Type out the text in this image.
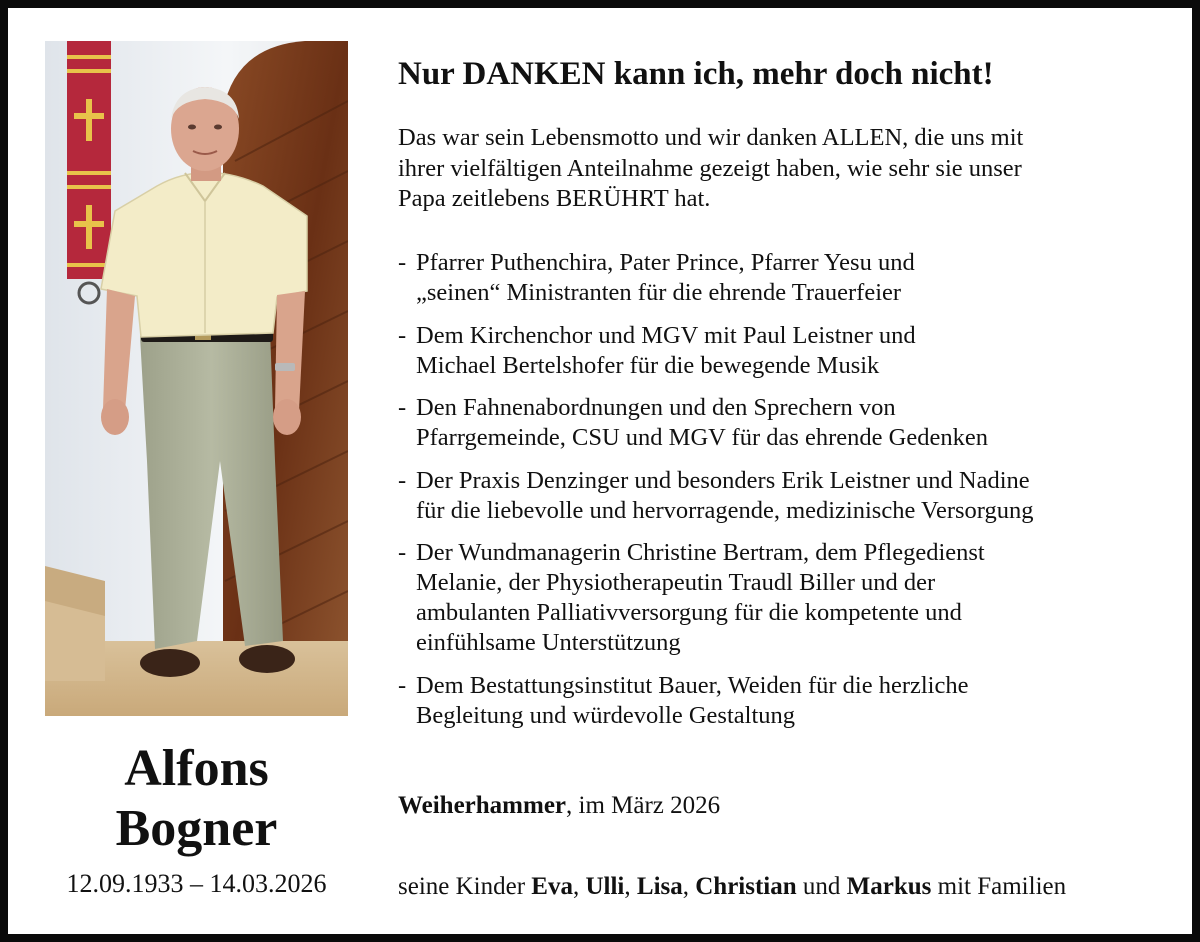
Alfons
Bogner
12.09.1933 – 14.03.2026
Nur DANKEN kann ich, mehr doch nicht!
Das war sein Lebensmotto und wir danken ALLEN, die uns mit
ihrer vielfältigen Anteilnahme gezeigt haben, wie sehr sie unser
Papa zeitlebens BERÜHRT hat.
- Pfarrer Puthenchira, Pater Prince, Pfarrer Yesu und
„seinen“ Ministranten für die ehrende Trauerfeier
- Dem Kirchenchor und MGV mit Paul Leistner und
Michael Bertelshofer für die bewegende Musik
- Den Fahnenabordnungen und den Sprechern von
Pfarrgemeinde, CSU und MGV für das ehrende Gedenken
- Der Praxis Denzinger und besonders Erik Leistner und Nadine
für die liebevolle und hervorragende, medizinische Versorgung
- Der Wundmanagerin Christine Bertram, dem Pflegedienst
Melanie, der Physiotherapeutin Traudl Biller und der
ambulanten Palliativversorgung für die kompetente und
einfühlsame Unterstützung
- Dem Bestattungsinstitut Bauer, Weiden für die herzliche
Begleitung und würdevolle Gestaltung
Weiherhammer, im März 2026
seine Kinder Eva, Ulli, Lisa, Christian und Markus mit Familien
